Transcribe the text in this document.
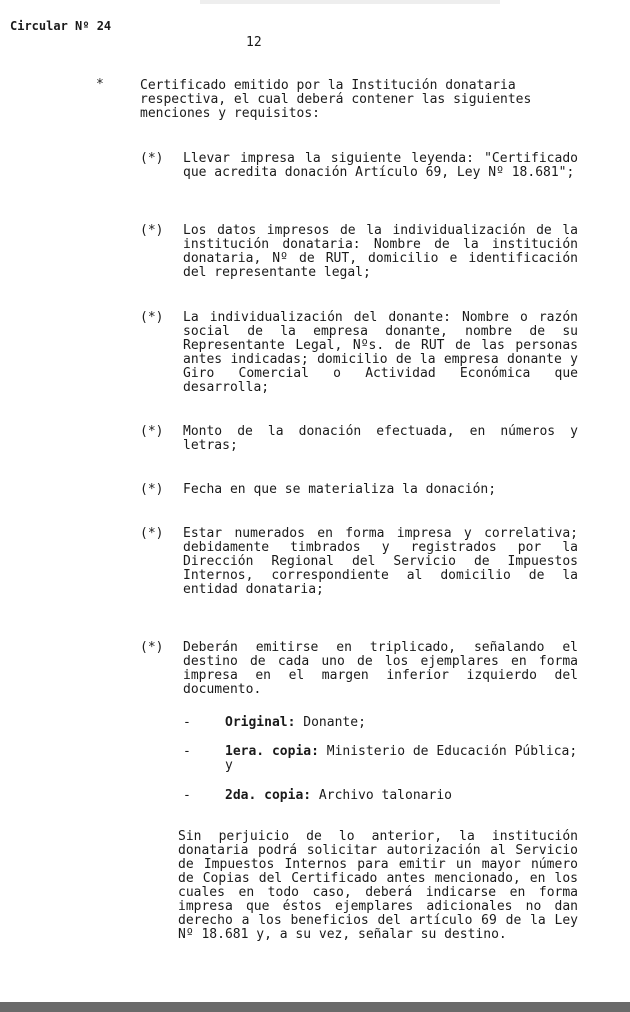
Circular Nº 24
12
*	Certificado emitido por la Institución donataria respectiva, el cual deberá contener las siguientes menciones y requisitos:
(*)	Llevar impresa la siguiente leyenda: "Certificado que acredita donación Artículo 69, Ley Nº 18.681";
(*)	Los datos impresos de la individualización de la institución donataria: Nombre de la institución donataria, Nº de RUT, domicilio e identificación del representante legal;
(*)	La individualización del donante: Nombre o razón social de la empresa donante, nombre de su Representante Legal, Nºs. de RUT de las personas antes indicadas; domicilio de la empresa donante y Giro Comercial o Actividad Económica que desarrolla;
(*)	Monto de la donación efectuada, en números y letras;
(*)	Fecha en que se materializa la donación;
(*)	Estar numerados en forma impresa y correlativa; debidamente timbrados y registrados por la Dirección Regional del Servicio de Impuestos Internos, correspondiente al domicilio de la entidad donataria;
(*)	Deberán emitirse en triplicado, señalando el destino de cada uno de los ejemplares en forma impresa en el margen inferior izquierdo del documento.
-	Original: Donante;
-	1era. copia: Ministerio de Educación Pública; y
-	2da. copia: Archivo talonario
Sin perjuicio de lo anterior, la institución donataria podrá solicitar autorización al Servicio de Impuestos Internos para emitir un mayor número de Copias del Certificado antes mencionado, en los cuales en todo caso, deberá indicarse en forma impresa que éstos ejemplares adicionales no dan derecho a los beneficios del artículo 69 de la Ley Nº 18.681 y, a su vez, señalar su destino.
